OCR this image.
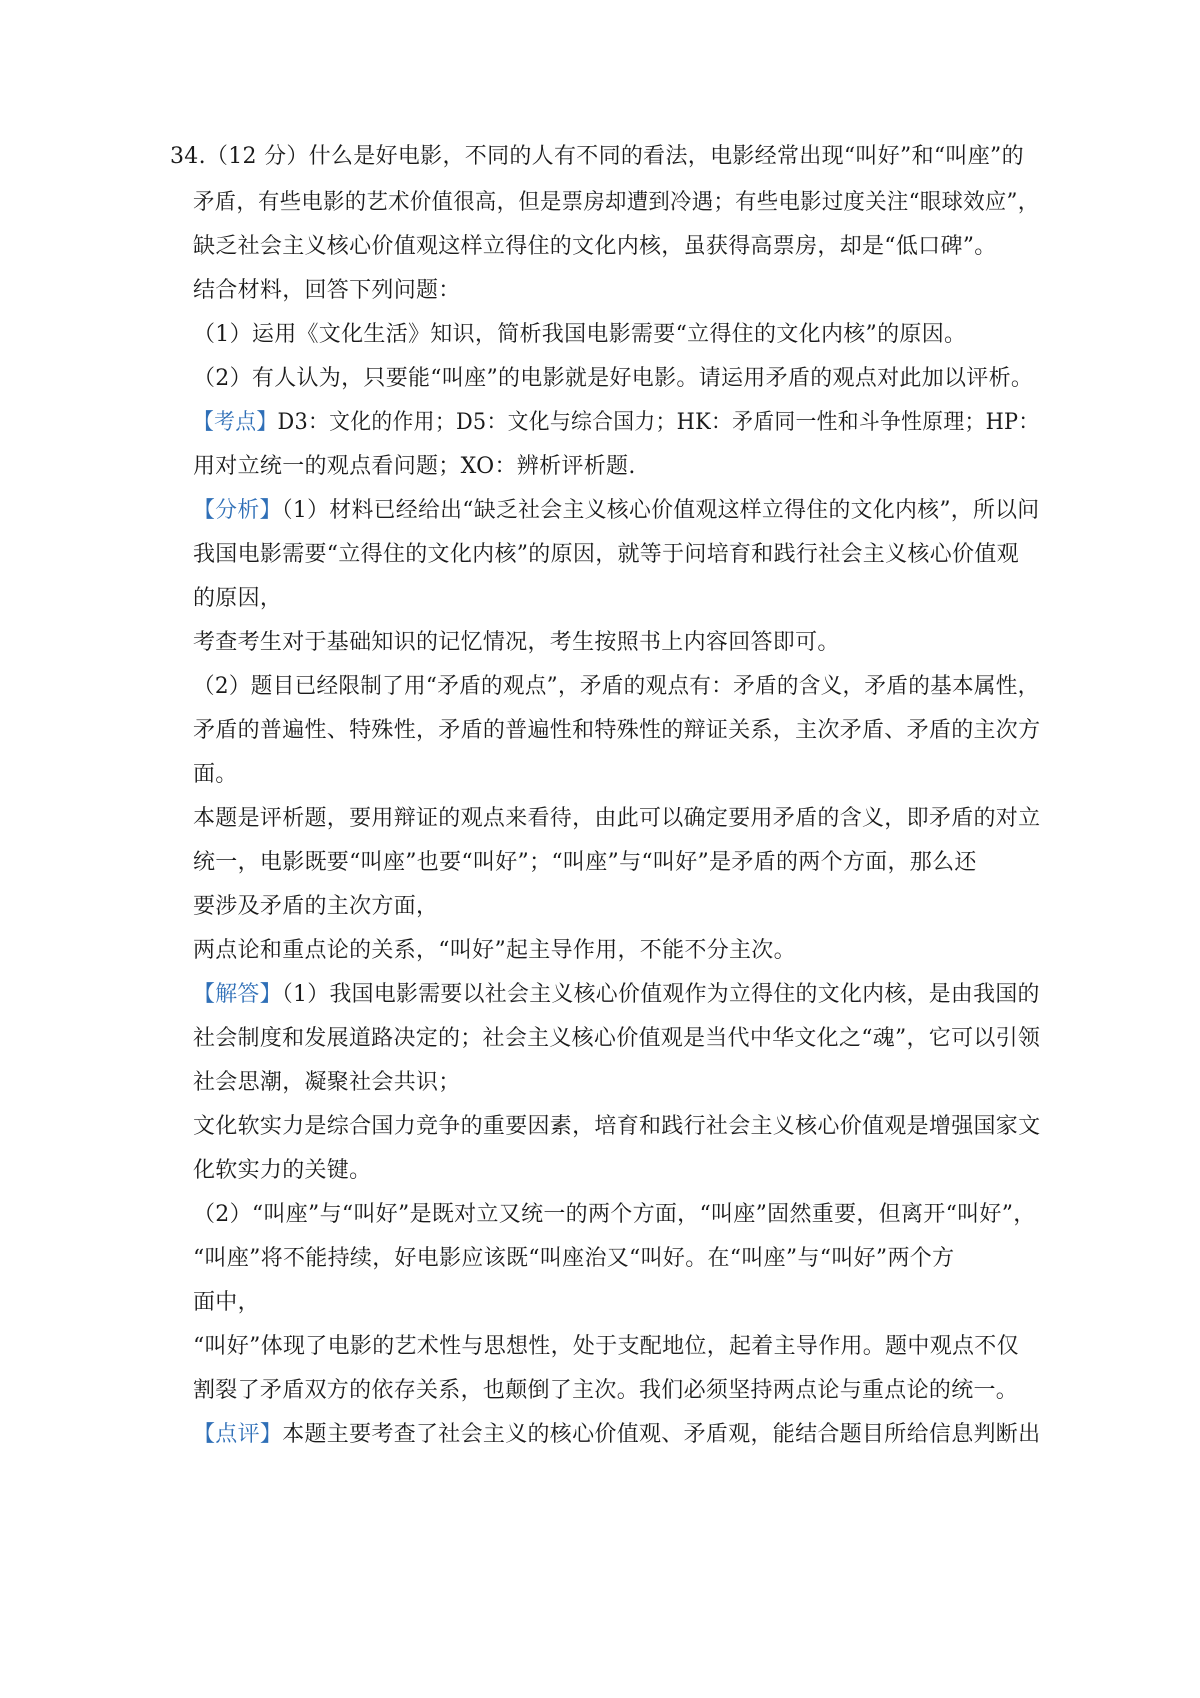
34.（12 分）什么是好电影，不同的人有不同的看法，电影经常出现“叫好”和“叫座”的

矛盾，有些电影的艺术价值很高，但是票房却遭到冷遇；有些电影过度关注“眼球效应”，

缺乏社会主义核心价值观这样立得住的文化内核，虽获得高票房，却是“低口碑”。

结合材料，回答下列问题：

（1）运用《文化生活》知识，简析我国电影需要“立得住的文化内核”的原因。

（2）有人认为，只要能“叫座”的电影就是好电影。请运用矛盾的观点对此加以评析。

【考点】D3：文化的作用；D5：文化与综合国力；HK：矛盾同一性和斗争性原理；HP：

用对立统一的观点看问题；XO：辨析评析题.

【分析】（1）材料已经给出“缺乏社会主义核心价值观这样立得住的文化内核”，所以问

我国电影需要“立得住的文化内核”的原因，就等于问培育和践行社会主义核心价值观

的原因，

考查考生对于基础知识的记忆情况，考生按照书上内容回答即可。

（2）题目已经限制了用“矛盾的观点”，矛盾的观点有：矛盾的含义，矛盾的基本属性，

矛盾的普遍性、特殊性，矛盾的普遍性和特殊性的辩证关系，主次矛盾、矛盾的主次方

面。

本题是评析题，要用辩证的观点来看待，由此可以确定要用矛盾的含义，即矛盾的对立

统一，电影既要“叫座”也要“叫好”；“叫座”与“叫好”是矛盾的两个方面，那么还

要涉及矛盾的主次方面，

两点论和重点论的关系，“叫好”起主导作用，不能不分主次。

【解答】（1）我国电影需要以社会主义核心价值观作为立得住的文化内核，是由我国的

社会制度和发展道路决定的；社会主义核心价值观是当代中华文化之“魂”，它可以引领

社会思潮，凝聚社会共识；

文化软实力是综合国力竞争的重要因素，培育和践行社会主义核心价值观是增强国家文

化软实力的关键。

（2）“叫座”与“叫好”是既对立又统一的两个方面，“叫座”固然重要，但离开“叫好”，

“叫座”将不能持续，好电影应该既“叫座治又“叫好。在“叫座”与“叫好”两个方

面中，

“叫好”体现了电影的艺术性与思想性，处于支配地位，起着主导作用。题中观点不仅

割裂了矛盾双方的依存关系，也颠倒了主次。我们必须坚持两点论与重点论的统一。

【点评】本题主要考查了社会主义的核心价值观、矛盾观，能结合题目所给信息判断出
